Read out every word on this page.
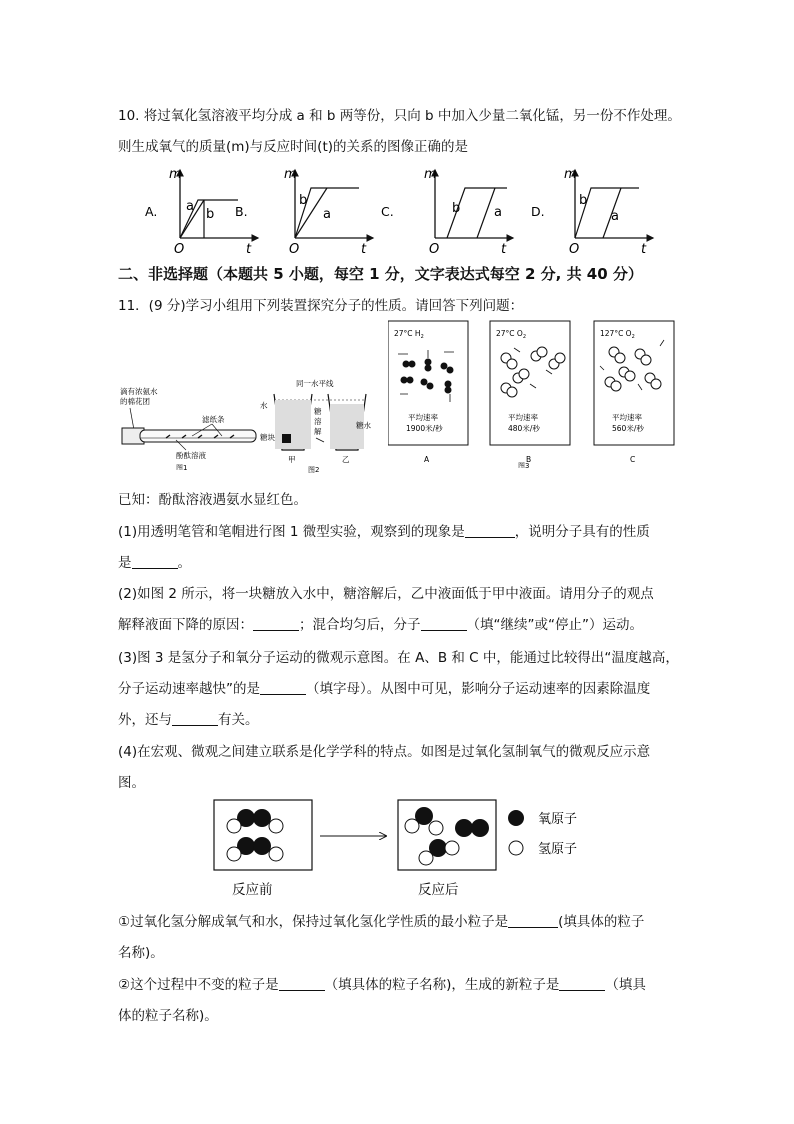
10. 将过氧化氢溶液平均分成 a 和 b 两等份，只向 b 中加入少量二氧化锰，另一份不作处理。
则生成氧气的质量(m)与反应时间(t)的关系的图像正确的是
m
t
O
a
b
A.
m
t
O
b
a
B.
m
t
O
b	a
C.
m
t
O
b
a
D.
二、非选择题（本题共 5 小题，每空 1 分，文字表达式每空 2 分, 共 40 分）
11．(9 分)学习小组用下列装置探究分子的性质。请回答下列问题：
滴有浓氨水
的棉花团
滤纸条
酚酞溶液
图1
同一水平线
水
糖块
糖
溶
解
糖水
甲	乙
图2
27°C $H_2$
平均速率
1900米/秒
A
27°C $O_2$
平均速率
480米/秒
B
127°C $O_2$
平均速率
560米/秒
C
图3
已知：酚酞溶液遇氨水显红色。
(1)用透明笔管和笔帽进行图 1 微型实验，观察到的现象是	，说明分子具有的性质
是	。
(2)如图 2 所示，将一块糖放入水中，糖溶解后，乙中液面低于甲中液面。请用分子的观点
解释液面下降的原因：	；混合均匀后，分子	（填“继续”或“停止”）运动。
(3)图 3 是氢分子和氧分子运动的微观示意图。在 A、B 和 C 中，能通过比较得出“温度越高，
分子运动速率越快”的是	（填字母）。从图中可见，影响分子运动速率的因素除温度
外，还与	有关。
(4)在宏观、微观之间建立联系是化学学科的特点。如图是过氧化氢制氧气的微观反应示意
图。
氧原子
氢原子
反应前	反应后
①过氧化氢分解成氧气和水，保持过氧化氢化学性质的最小粒子是	(填具体的粒子
名称)。
②这个过程中不变的粒子是	（填具体的粒子名称)，生成的新粒子是	（填具
体的粒子名称)。
